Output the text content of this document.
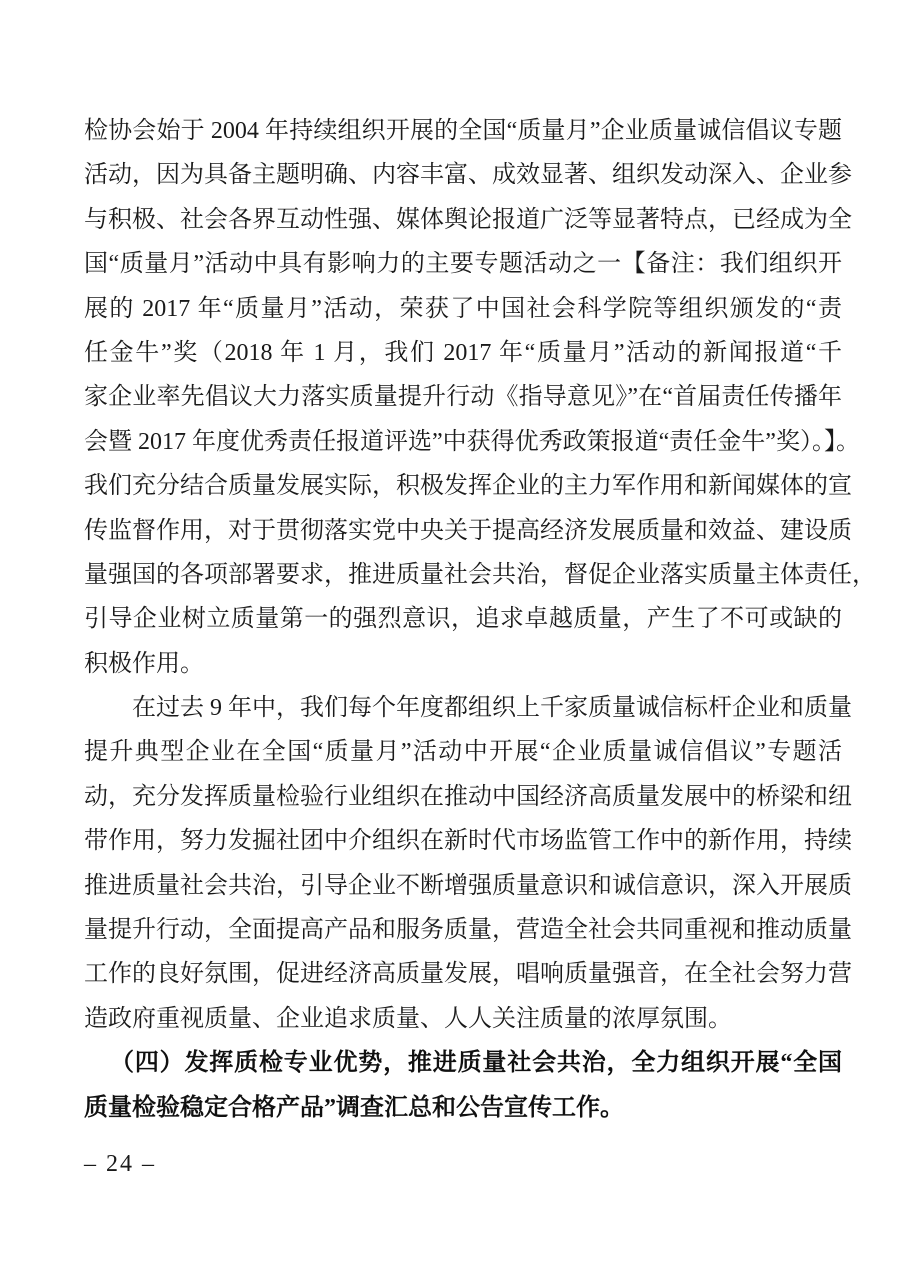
检协会始于 2004 年持续组织开展的全国“质量月”企业质量诚信倡议专题
活动，因为具备主题明确、内容丰富、成效显著、组织发动深入、企业参
与积极、社会各界互动性强、媒体舆论报道广泛等显著特点，已经成为全
国“质量月”活动中具有影响力的主要专题活动之一【备注：我们组织开
展的 2017 年“质量月”活动，荣获了中国社会科学院等组织颁发的“责
任金牛”奖（2018 年 1 月，我们 2017 年“质量月”活动的新闻报道“千
家企业率先倡议大力落实质量提升行动《指导意见》”在“首届责任传播年
会暨 2017 年度优秀责任报道评选”中获得优秀政策报道“责任金牛”奖）。】。
我们充分结合质量发展实际，积极发挥企业的主力军作用和新闻媒体的宣
传监督作用，对于贯彻落实党中央关于提高经济发展质量和效益、建设质
量强国的各项部署要求，推进质量社会共治，督促企业落实质量主体责任，
引导企业树立质量第一的强烈意识，追求卓越质量，产生了不可或缺的
积极作用。
在过去 9 年中，我们每个年度都组织上千家质量诚信标杆企业和质量
提升典型企业在全国“质量月”活动中开展“企业质量诚信倡议”专题活
动，充分发挥质量检验行业组织在推动中国经济高质量发展中的桥梁和纽
带作用，努力发掘社团中介组织在新时代市场监管工作中的新作用，持续
推进质量社会共治，引导企业不断增强质量意识和诚信意识，深入开展质
量提升行动，全面提高产品和服务质量，营造全社会共同重视和推动质量
工作的良好氛围，促进经济高质量发展，唱响质量强音，在全社会努力营
造政府重视质量、企业追求质量、人人关注质量的浓厚氛围。
（四）发挥质检专业优势，推进质量社会共治，全力组织开展“全国
质量检验稳定合格产品”调查汇总和公告宣传工作。
– 24 –
